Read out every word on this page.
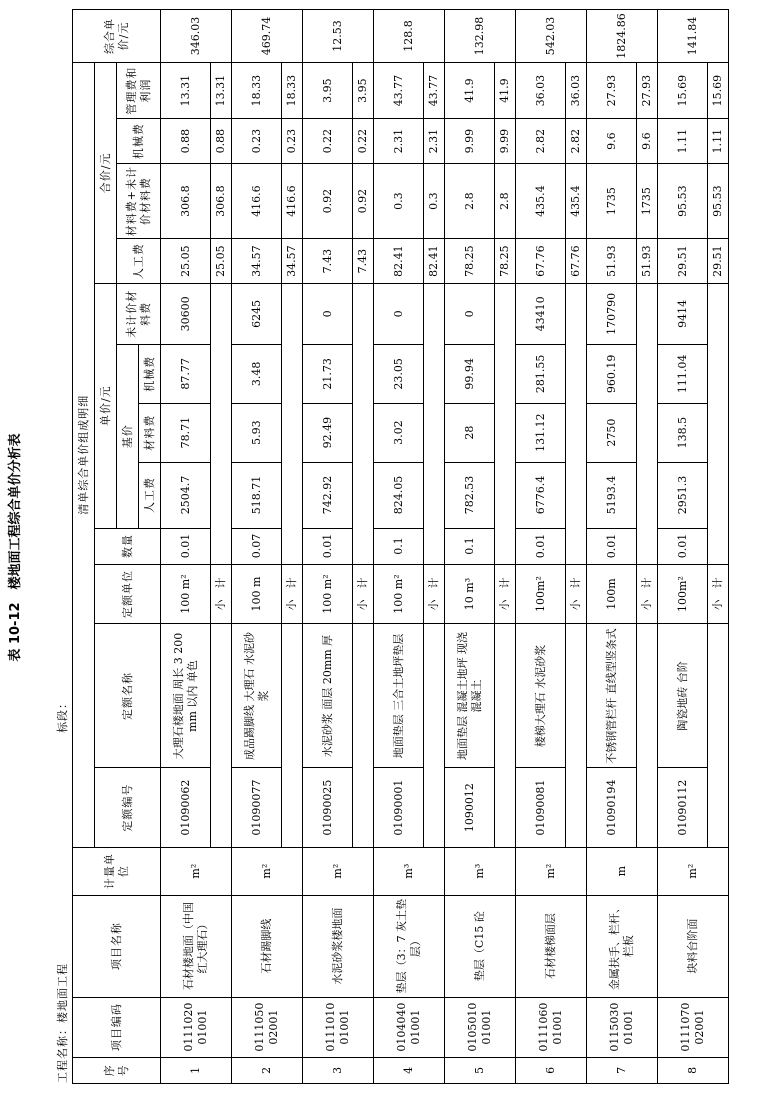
表 10-12　楼地面工程综合单价分析表
工程名称：楼地面工程
标段：
序号	项目编码	项目名称	计量单位	清单综合单价组成明细												综合单价/元
				定额编号	定额名称	定额单位	数量	单价/元				合价/元				
								基价			未计价材料费	人工费	材料费+未计价材料费	机械费	管理费和利润	
								人工费	材料费	机械费						
1	011102001001	石材楼地面（中国红大理石）	m²	01090062	大理石楼地面 周长 3 200 mm 以内 单色	100 m²	0.01	2504.7	78.71	87.77	30600	25.05	306.8	0.88	13.31	346.03
						小　计						25.05	306.8	0.88	13.31	
2	011105002001	石材踢脚线	m²	01090077	成品踢脚线 大理石 水泥砂浆	100 m	0.07	518.71	5.93	3.48	6245	34.57	416.6	0.23	18.33	469.74
						小　计						34.57	416.6	0.23	18.33	
3	011101001001	水泥砂浆楼地面	m²	01090025	水泥砂浆 面层 20mm 厚	100 m²	0.01	742.92	92.49	21.73	0	7.43	0.92	0.22	3.95	12.53
						小　计						7.43	0.92	0.22	3.95	
4	010404001001	垫层（3：7 灰土垫层）	m³	01090001	地面垫层 三合土地坪垫层	100 m²	0.1	824.05	3.02	23.05	0	82.41	0.3	2.31	43.77	128.8
						小　计						82.41	0.3	2.31	43.77	
5	010501001001	垫层（C15 砼	m³	1090012	地面垫层 混凝土地坪 现浇混凝土	10 m³	0.1	782.53	28	99.94	0	78.25	2.8	9.99	41.9	132.98
						小　计						78.25	2.8	9.99	41.9	
6	011106001001	石材楼梯面层	m²	01090081	楼梯大理石 水泥砂浆	100m²	0.01	6776.4	131.12	281.55	43410	67.76	435.4	2.82	36.03	542.03
						小　计						67.76	435.4	2.82	36.03	
7	011503001001	金属扶手、栏杆、栏板	m	01090194	不锈钢管栏杆 直线型竖条式	100m	0.01	5193.4	2750	960.19	170790	51.93	1735	9.6	27.93	1824.86
						小　计						51.93	1735	9.6	27.93	
8	011107002001	块料台阶面	m²	01090112	陶瓷地砖 台阶	100m²	0.01	2951.3	138.5	111.04	9414	29.51	95.53	1.11	15.69	141.84
						小　计						29.51	95.53	1.11	15.69	
